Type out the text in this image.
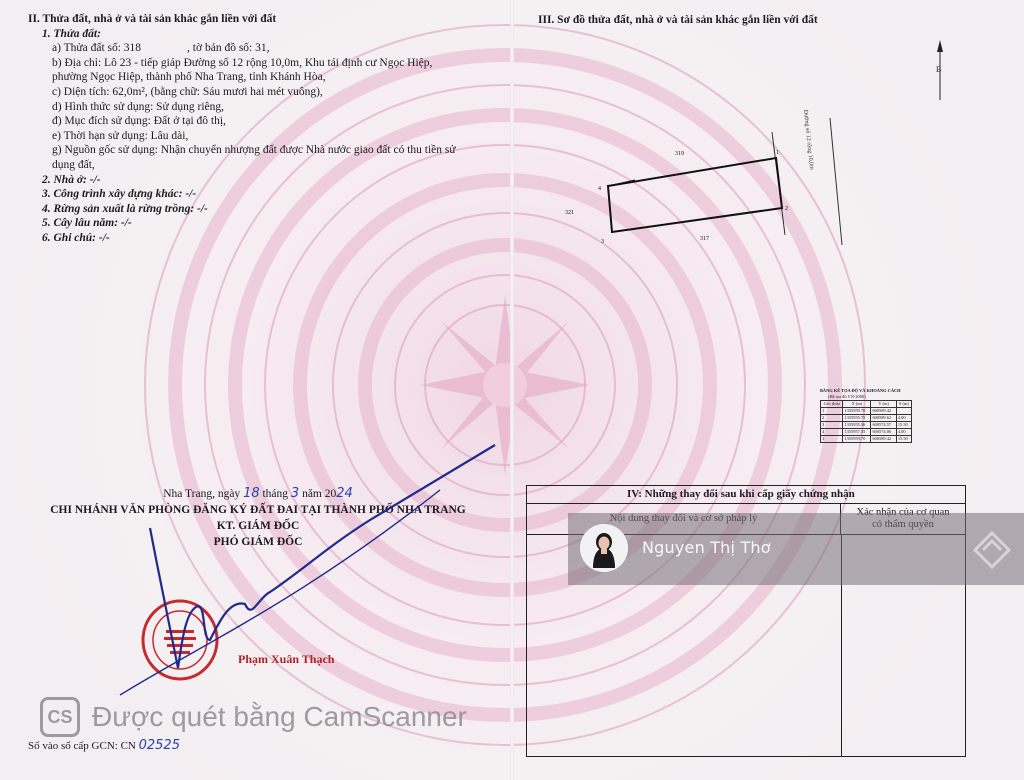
II. Thửa đất, nhà ở và tài sản khác gắn liền với đất
1. Thửa đất:
a) Thửa đất số: 318                , tờ bản đồ số: 31,
b) Địa chỉ: Lô 23 - tiếp giáp Đường số 12 rộng 10,0m, Khu tái định cư Ngọc Hiệp,
phường Ngọc Hiệp, thành phố Nha Trang, tỉnh Khánh Hòa,
c) Diện tích: 62,0m², (bằng chữ: Sáu mươi hai mét vuông),
d) Hình thức sử dụng: Sử dụng riêng,
đ) Mục đích sử dụng: Đất ở tại đô thị,
e) Thời hạn sử dụng: Lâu dài,
g) Nguồn gốc sử dụng: Nhận chuyển nhượng đất được Nhà nước giao đất có thu tiền sử
dụng đất,
2. Nhà ở: -/-
3. Công trình xây dựng khác: -/-
4. Rừng sản xuất là rừng trồng: -/-
5. Cây lâu năm: -/-
6. Ghi chú: -/-
Nha Trang, ngày 18 tháng 3 năm 2024
CHI NHÁNH VĂN PHÒNG ĐĂNG KÝ ĐẤT ĐAI TẠI THÀNH PHỐ NHA TRANG
KT. GIÁM ĐỐC
PHÓ GIÁM ĐỐC
Phạm Xuân Thạch
Số vào sổ cấp GCN: CN 02525
III. Sơ đồ thửa đất, nhà ở và tài sản khác gắn liền với đất
B
Đường số 12 rộng 10,0m
1
2
3
4
319
321
317
BẢNG KÊ TỌA ĐỘ VÀ KHOẢNG CÁCH
(Hệ tọa độ VN-2000)
Góc thửa	X (m)	Y (m)	S (m)
1	1355959.70	600589.42	
2	1355955.75	600589.62	4.00
3	1355955.36	600574.57	15.50
4	1355957.35	600574.06	4.00
1	1355959.70	600589.42	15.50
IV: Những thay đổi sau khi cấp giấy chứng nhận
Nguyen Thị Thơ
CS Được quét bằng CamScanner
